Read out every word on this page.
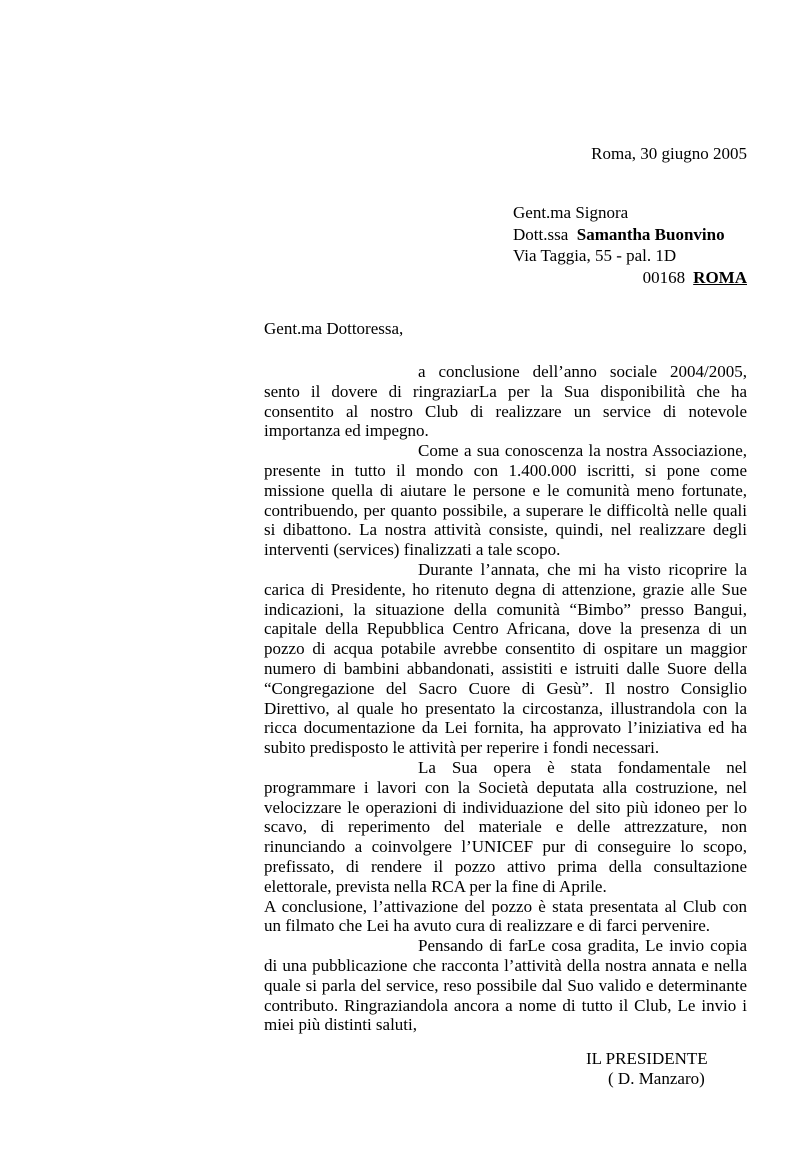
Roma, 30 giugno 2005
Gent.ma Signora
Dott.ssa Samantha Buonvino
Via Taggia, 55 - pal. 1D
00168 ROMA
Gent.ma Dottoressa,

a conclusione dell’anno sociale 2004/2005, sento il dovere di ringraziarLa per la Sua disponibilità che ha consentito al nostro Club di realizzare un service di notevole importanza ed impegno.

Come a sua conoscenza la nostra Associazione, presente in tutto il mondo con 1.400.000 iscritti, si pone come missione quella di aiutare le persone e le comunità meno fortunate, contribuendo, per quanto possibile, a superare le difficoltà nelle quali si dibattono. La nostra attività consiste, quindi, nel realizzare degli interventi (services) finalizzati a tale scopo.

Durante l’annata, che mi ha visto ricoprire la carica di Presidente, ho ritenuto degna di attenzione, grazie alle Sue indicazioni, la situazione della comunità “Bimbo” presso Bangui, capitale della Repubblica Centro Africana, dove la presenza di un pozzo di acqua potabile avrebbe consentito di ospitare un maggior numero di bambini abbandonati, assistiti e istruiti dalle Suore della “Congregazione del Sacro Cuore di Gesù”. Il nostro Consiglio Direttivo, al quale ho presentato la circostanza, illustrandola con la ricca documentazione da Lei fornita, ha approvato l’iniziativa ed ha subito predisposto le attività per reperire i fondi necessari.

La Sua opera è stata fondamentale nel programmare i lavori con la Società deputata alla costruzione, nel velocizzare le operazioni di individuazione del sito più idoneo per lo scavo, di reperimento del materiale e delle attrezzature, non rinunciando a coinvolgere l’UNICEF pur di conseguire lo scopo, prefissato, di rendere il pozzo attivo prima della consultazione elettorale, prevista nella RCA per la fine di Aprile.

A conclusione, l’attivazione del pozzo è stata presentata al Club con un filmato che Lei ha avuto cura di realizzare e di farci pervenire.

Pensando di farLe cosa gradita, Le invio copia di una pubblicazione che racconta l’attività della nostra annata e nella quale si parla del service, reso possibile dal Suo valido e determinante contributo. Ringraziandola ancora a nome di tutto il Club, Le invio i miei più distinti saluti,

IL PRESIDENTE
( D. Manzaro)
